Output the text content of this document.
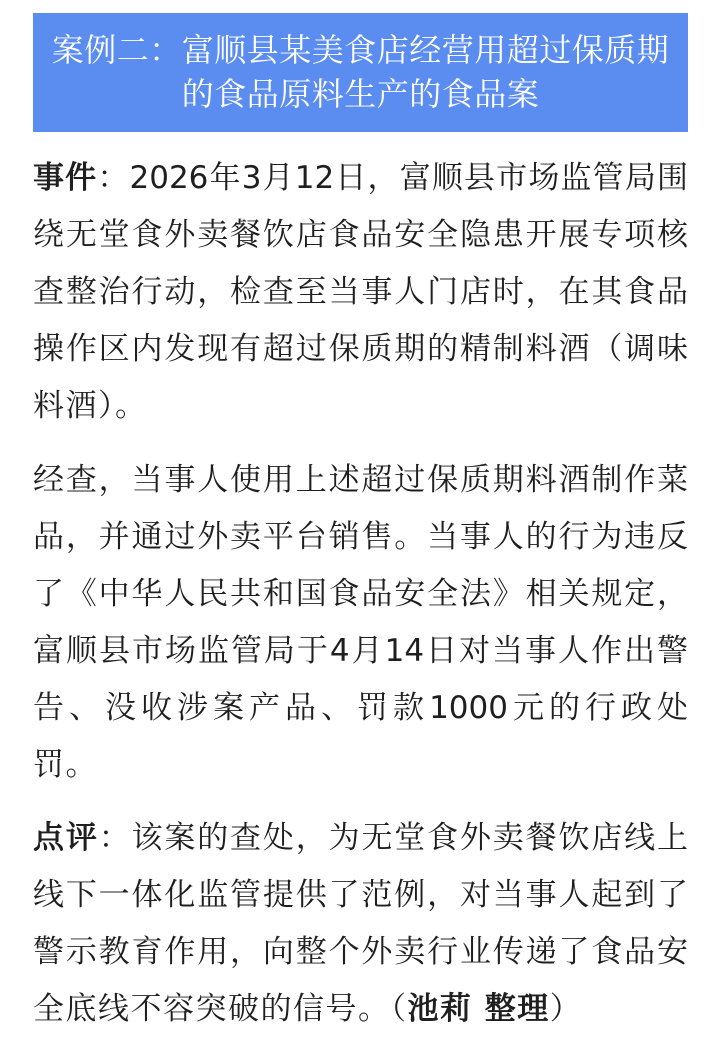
案例二：富顺县某美食店经营用超过保质期
的食品原料生产的食品案
事件：2026年3月12日，富顺县市场监管局围
绕无堂食外卖餐饮店食品安全隐患开展专项核
查整治行动，检查至当事人门店时，在其食品
操作区内发现有超过保质期的精制料酒（调味
料酒）。
经查，当事人使用上述超过保质期料酒制作菜
品，并通过外卖平台销售。当事人的行为违反
了《中华人民共和国食品安全法》相关规定，
富顺县市场监管局于4月14日对当事人作出警
告、没收涉案产品、罚款1000元的行政处
罚。
点评：该案的查处，为无堂食外卖餐饮店线上
线下一体化监管提供了范例，对当事人起到了
警示教育作用，向整个外卖行业传递了食品安
全底线不容突破的信号。（池莉 整理）
